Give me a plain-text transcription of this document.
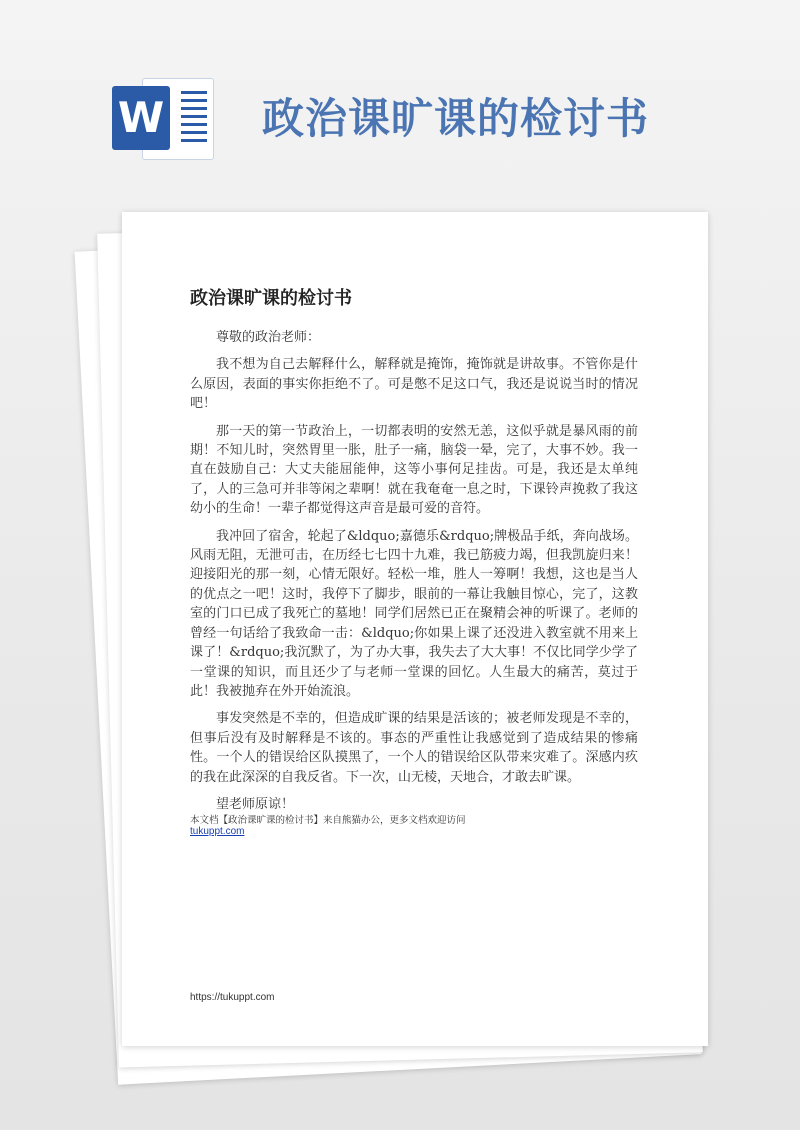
W 政治课旷课的检讨书
政治课旷课的检讨书

尊敬的政治老师：

我不想为自己去解释什么，解释就是掩饰，掩饰就是讲故事。不管你是什么原因，表面的事实你拒绝不了。可是憋不足这口气，我还是说说当时的情况吧！

那一天的第一节政治上，一切都表明的安然无恙，这似乎就是暴风雨的前期！不知儿时，突然胃里一胀，肚子一痛，脑袋一晕，完了，大事不妙。我一直在鼓励自己：大丈夫能屈能伸，这等小事何足挂齿。可是，我还是太单纯了，人的三急可并非等闲之辈啊！就在我奄奄一息之时，下课铃声挽救了我这幼小的生命！一辈子都觉得这声音是最可爱的音符。

我冲回了宿舍，轮起了&ldquo;嘉德乐&rdquo;牌极品手纸，奔向战场。风雨无阻，无泄可击，在历经七七四十九难，我已筋疲力竭，但我凯旋归来！迎接阳光的那一刻，心情无限好。轻松一堆，胜人一筹啊！我想，这也是当人的优点之一吧！这时，我停下了脚步，眼前的一幕让我触目惊心，完了，这教室的门口已成了我死亡的墓地！同学们居然已正在聚精会神的听课了。老师的曾经一句话给了我致命一击：&ldquo;你如果上课了还没进入教室就不用来上课了！&rdquo;我沉默了，为了办大事，我失去了大大事！不仅比同学少学了一堂课的知识，而且还少了与老师一堂课的回忆。人生最大的痛苦，莫过于此！我被抛弃在外开始流浪。

事发突然是不幸的，但造成旷课的结果是活该的；被老师发现是不幸的，但事后没有及时解释是不该的。事态的严重性让我感觉到了造成结果的惨痛性。一个人的错误给区队摸黑了，一个人的错误给区队带来灾难了。深感内疚的我在此深深的自我反省。下一次，山无棱，天地合，才敢去旷课。

望老师原谅！

本文档【政治课旷课的检讨书】来自熊猫办公，更多文档欢迎访问
tukuppt.com
https://tukuppt.com
